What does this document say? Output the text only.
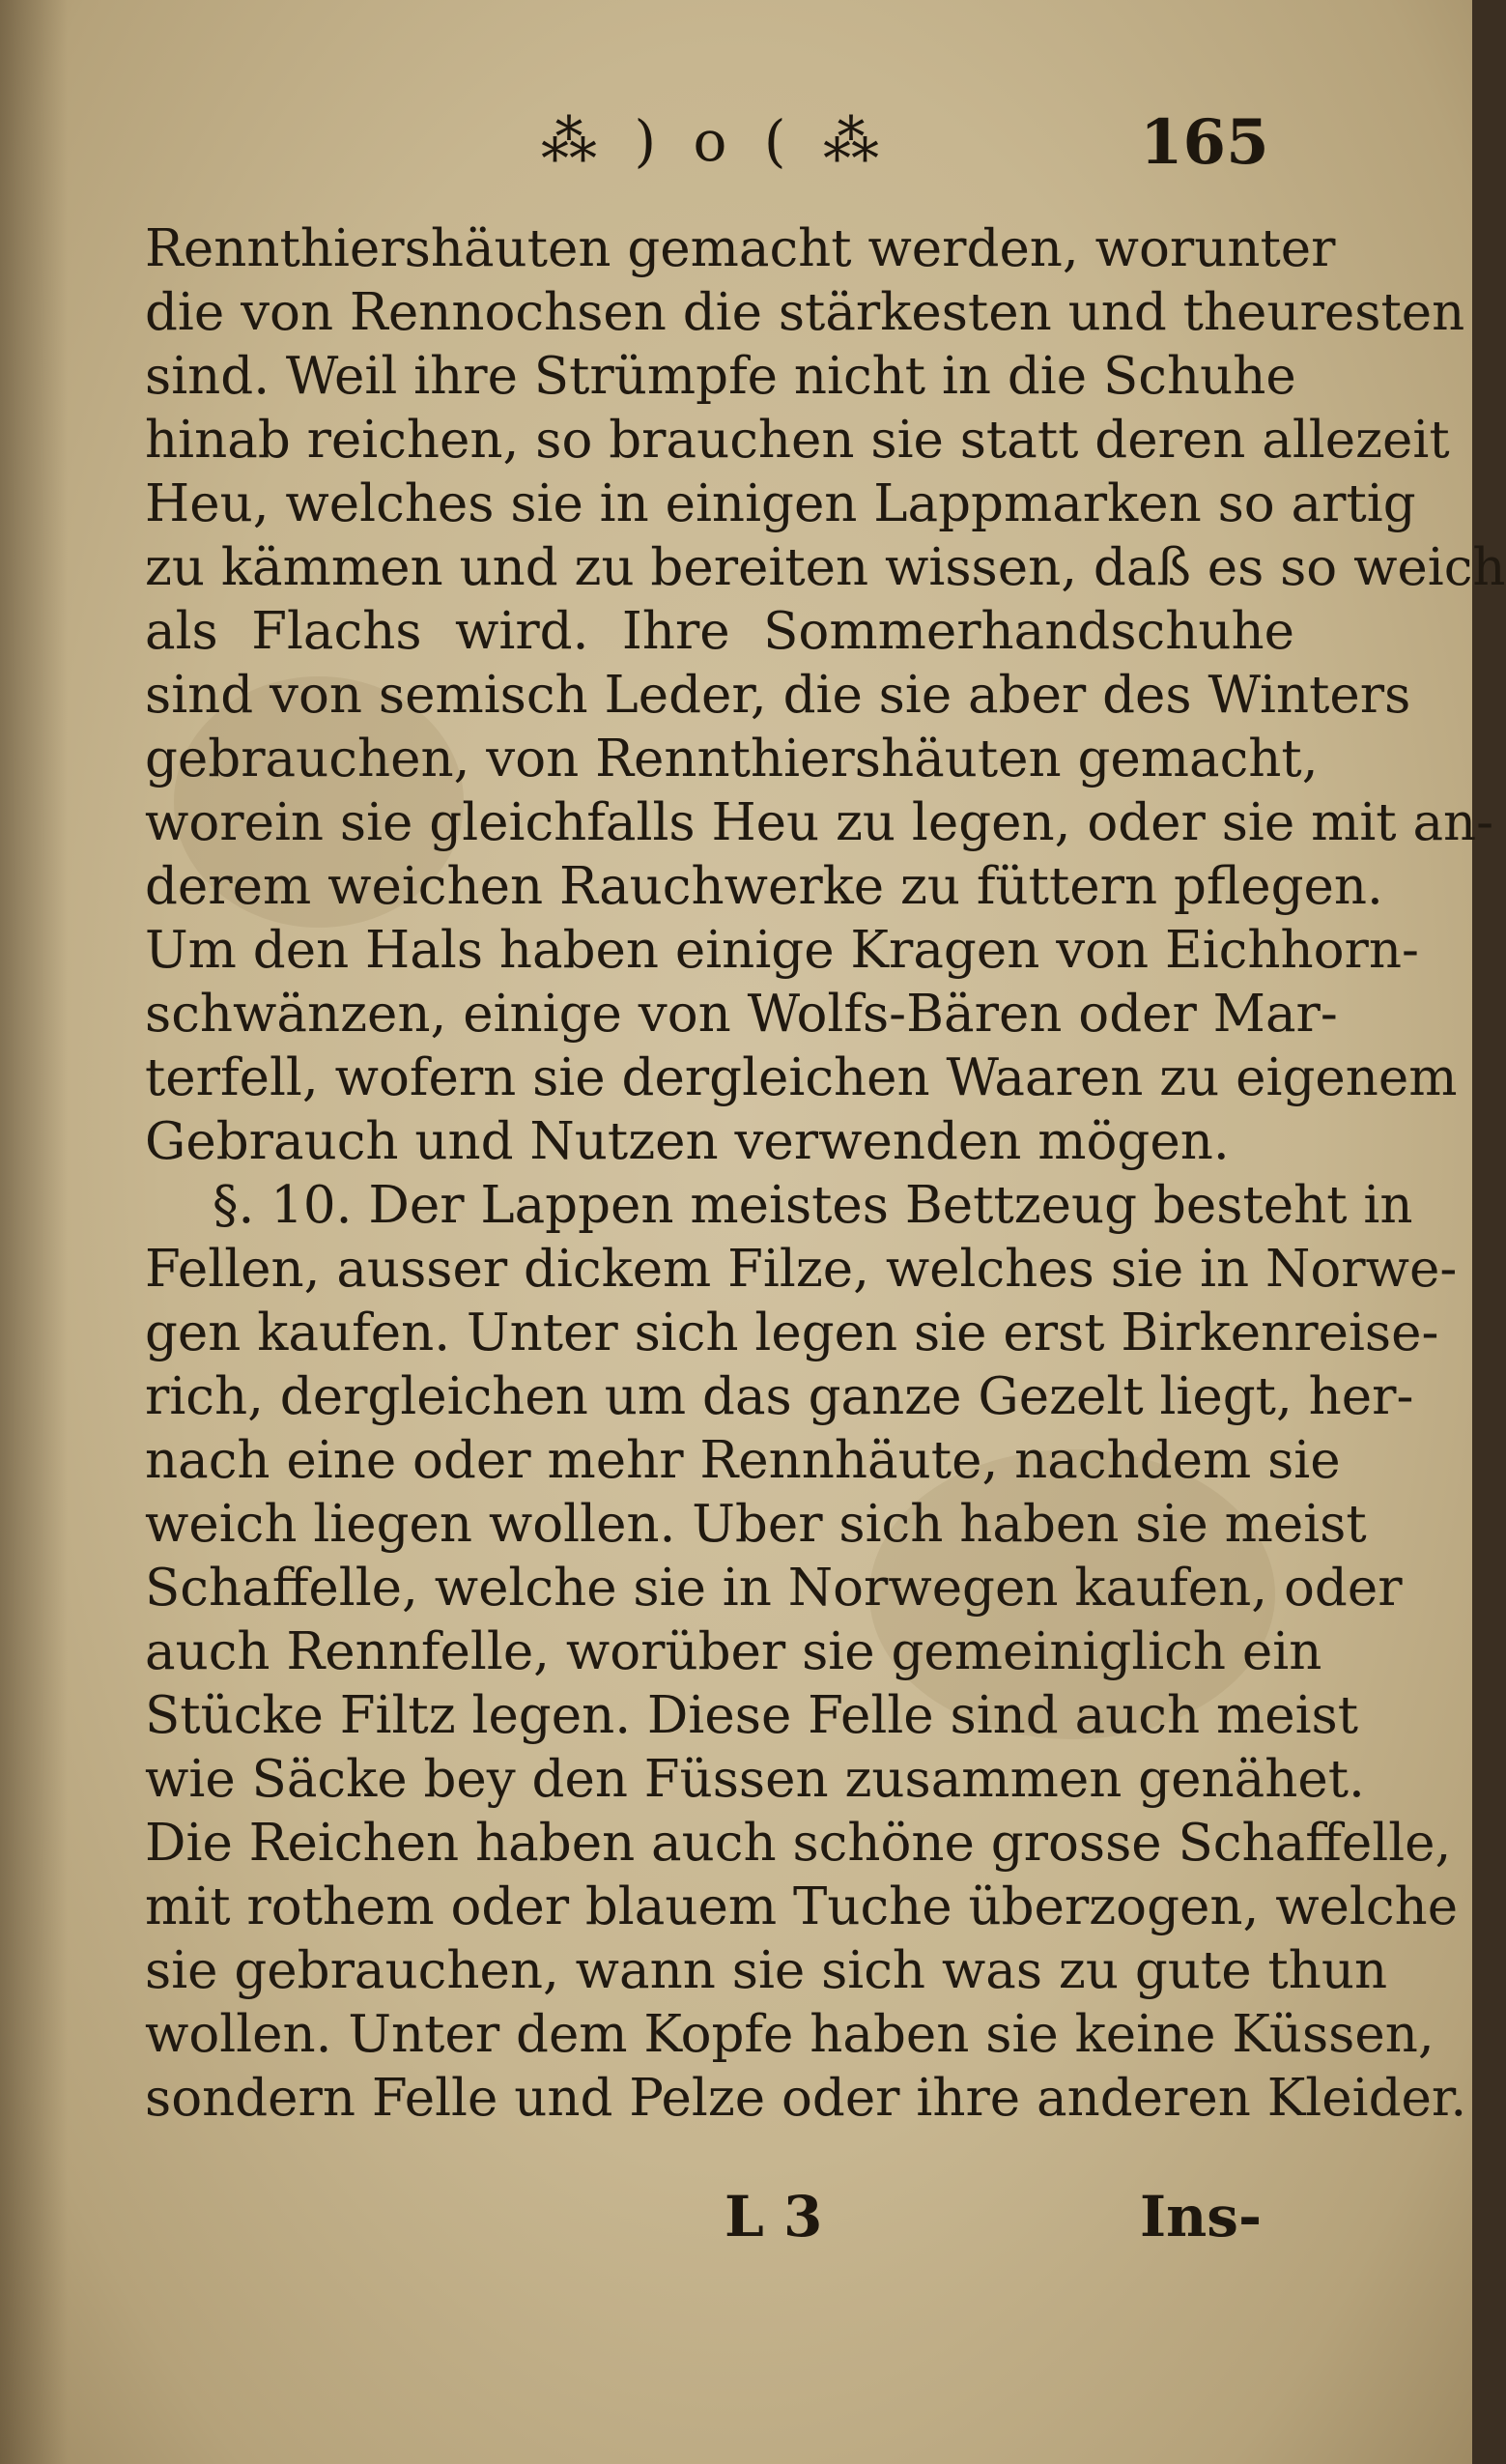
⁂ ) o ( ⁂	165
Rennthiershäuten gemacht werden, worunter
die von Rennochsen die stärkesten und theuresten
sind. Weil ihre Strümpfe nicht in die Schuhe
hinab reichen, so brauchen sie statt deren allezeit
Heu, welches sie in einigen Lappmarken so artig
zu kämmen und zu bereiten wissen, daß es so weich
als Flachs wird. Ihre Sommerhandschuhe
sind von semisch Leder, die sie aber des Winters
gebrauchen, von Rennthiershäuten gemacht,
worein sie gleichfalls Heu zu legen, oder sie mit an-
derem weichen Rauchwerke zu füttern pflegen.
Um den Hals haben einige Kragen von Eichhorn-
schwänzen, einige von Wolfs-Bären oder Mar-
terfell, wofern sie dergleichen Waaren zu eigenem
Gebrauch und Nutzen verwenden mögen.
§. 10. Der Lappen meistes Bettzeug besteht in
Fellen, ausser dickem Filze, welches sie in Norwe-
gen kaufen. Unter sich legen sie erst Birkenreise-
rich, dergleichen um das ganze Gezelt liegt, her-
nach eine oder mehr Rennhäute, nachdem sie
weich liegen wollen. Uber sich haben sie meist
Schaffelle, welche sie in Norwegen kaufen, oder
auch Rennfelle, worüber sie gemeiniglich ein
Stücke Filtz legen. Diese Felle sind auch meist
wie Säcke bey den Füssen zusammen genähet.
Die Reichen haben auch schöne grosse Schaffelle,
mit rothem oder blauem Tuche überzogen, welche
sie gebrauchen, wann sie sich was zu gute thun
wollen. Unter dem Kopfe haben sie keine Küssen,
sondern Felle und Pelze oder ihre anderen Kleider.
L 3	Ins-
